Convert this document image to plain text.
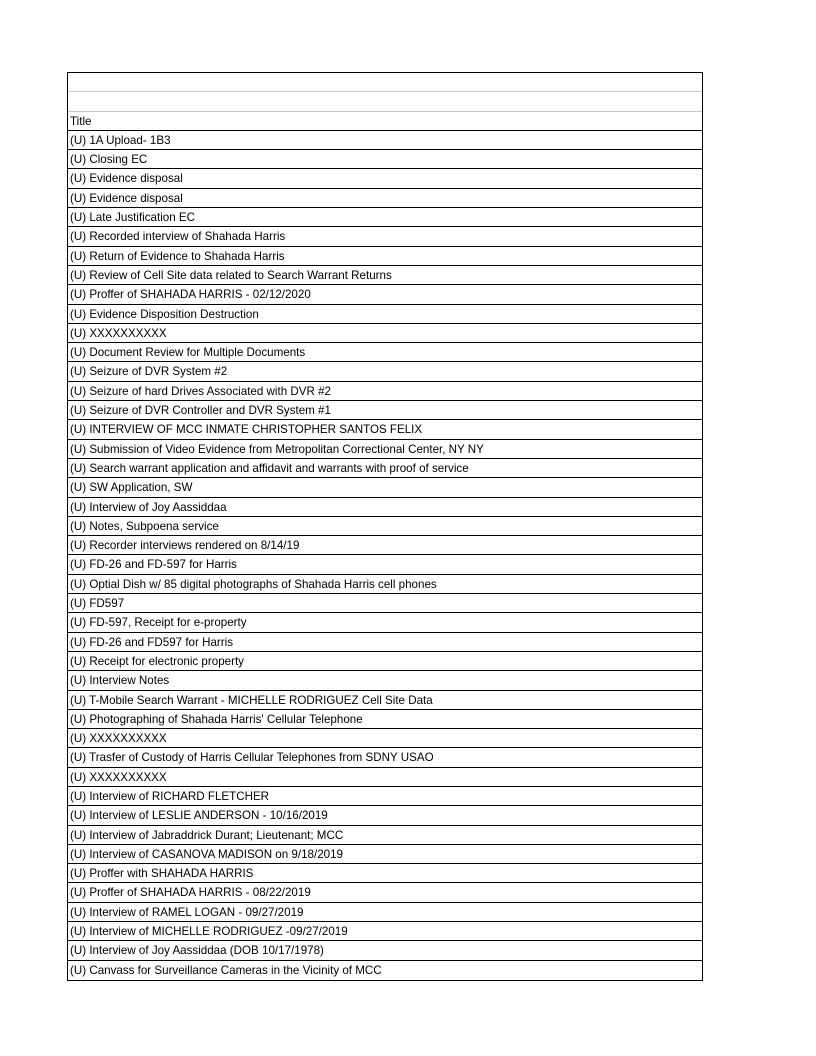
Title
(U) 1A Upload- 1B3
(U) Closing EC
(U) Evidence disposal
(U) Evidence disposal
(U) Late Justification EC
(U) Recorded interview of Shahada Harris
(U) Return of Evidence to Shahada Harris
(U) Review of Cell Site data related to Search Warrant Returns
(U) Proffer of SHAHADA HARRIS - 02/12/2020
(U) Evidence Disposition Destruction
(U) XXXXXXXXXX
(U) Document Review for Multiple Documents
(U) Seizure of DVR System #2
(U) Seizure of hard Drives Associated with DVR #2
(U) Seizure of DVR Controller and DVR System #1
(U) INTERVIEW OF MCC INMATE CHRISTOPHER SANTOS FELIX
(U) Submission of Video Evidence from Metropolitan Correctional Center, NY NY
(U) Search warrant application and affidavit and warrants with proof of service
(U) SW Application, SW
(U) Interview of Joy Aassiddaa
(U) Notes, Subpoena service
(U) Recorder interviews rendered on 8/14/19
(U) FD-26 and FD-597 for Harris
(U) Optial Dish w/ 85 digital photographs of Shahada Harris cell phones
(U) FD597
(U) FD-597, Receipt for e-property
(U) FD-26 and FD597 for Harris
(U) Receipt for electronic property
(U) Interview Notes
(U) T-Mobile Search Warrant - MICHELLE RODRIGUEZ Cell Site Data
(U) Photographing of Shahada Harris' Cellular Telephone
(U) XXXXXXXXXX
(U) Trasfer of Custody of Harris Cellular Telephones from SDNY USAO
(U) XXXXXXXXXX
(U) Interview of RICHARD FLETCHER
(U) Interview of LESLIE ANDERSON - 10/16/2019
(U) Interview of Jabraddrick Durant; Lieutenant; MCC
(U) Interview of CASANOVA MADISON on 9/18/2019
(U) Proffer with SHAHADA HARRIS
(U) Proffer of SHAHADA HARRIS - 08/22/2019
(U) Interview of RAMEL LOGAN - 09/27/2019
(U) Interview of MICHELLE RODRIGUEZ -09/27/2019
(U) Interview of Joy Aassiddaa (DOB 10/17/1978)
(U) Canvass for Surveillance Cameras in the Vicinity of MCC
